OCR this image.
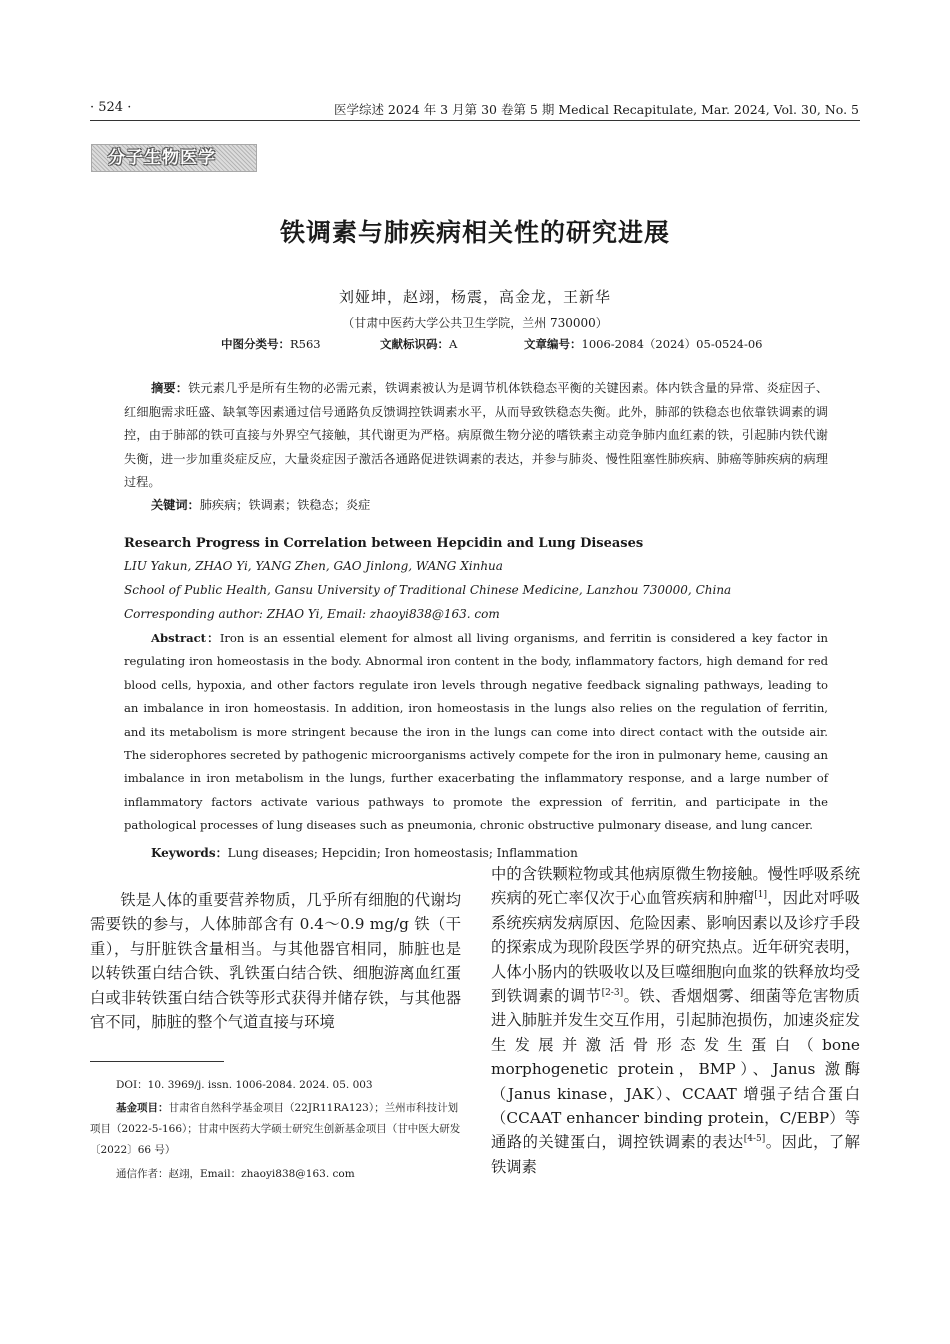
· 524 ·	医学综述 2024 年 3 月第 30 卷第 5 期 Medical Recapitulate, Mar. 2024, Vol. 30, No. 5
分子生物医学
铁调素与肺疾病相关性的研究进展
刘娅坤，赵翊，杨震，高金龙，王新华
（甘肃中医药大学公共卫生学院，兰州 730000）
中图分类号：R563	文献标识码：A	文章编号：1006-2084（2024）05-0524-06
摘要：铁元素几乎是所有生物的必需元素，铁调素被认为是调节机体铁稳态平衡的关键因素。体内铁含量的异常、炎症因子、红细胞需求旺盛、缺氧等因素通过信号通路负反馈调控铁调素水平，从而导致铁稳态失衡。此外，肺部的铁稳态也依靠铁调素的调控，由于肺部的铁可直接与外界空气接触，其代谢更为严格。病原微生物分泌的嗜铁素主动竞争肺内血红素的铁，引起肺内铁代谢失衡，进一步加重炎症反应，大量炎症因子激活各通路促进铁调素的表达，并参与肺炎、慢性阻塞性肺疾病、肺癌等肺疾病的病理过程。
关键词：肺疾病；铁调素；铁稳态；炎症
Research Progress in Correlation between Hepcidin and Lung Diseases
LIU Yakun, ZHAO Yi, YANG Zhen, GAO Jinlong, WANG Xinhua
School of Public Health, Gansu University of Traditional Chinese Medicine, Lanzhou 730000, China
Corresponding author: ZHAO Yi, Email: zhaoyi838@163. com
Abstract：Iron is an essential element for almost all living organisms, and ferritin is considered a key factor in regulating iron homeostasis in the body. Abnormal iron content in the body, inflammatory factors, high demand for red blood cells, hypoxia, and other factors regulate iron levels through negative feedback signaling pathways, leading to an imbalance in iron homeostasis. In addition, iron homeostasis in the lungs also relies on the regulation of ferritin, and its metabolism is more stringent because the iron in the lungs can come into direct contact with the outside air. The siderophores secreted by pathogenic microorganisms actively compete for the iron in pulmonary heme, causing an imbalance in iron metabolism in the lungs, further exacerbating the inflammatory response, and a large number of inflammatory factors activate various pathways to promote the expression of ferritin, and participate in the pathological processes of lung diseases such as pneumonia, chronic obstructive pulmonary disease, and lung cancer.
Keywords：Lung diseases; Hepcidin; Iron homeostasis; Inflammation
铁是人体的重要营养物质，几乎所有细胞的代谢均需要铁的参与，人体肺部含有 0.4～0.9 mg/g 铁（干重），与肝脏铁含量相当。与其他器官相同，肺脏也是以转铁蛋白结合铁、乳铁蛋白结合铁、细胞游离血红蛋白或非转铁蛋白结合铁等形式获得并储存铁，与其他器官不同，肺脏的整个气道直接与环境
中的含铁颗粒物或其他病原微生物接触。慢性呼吸系统疾病的死亡率仅次于心血管疾病和肿瘤[1]，因此对呼吸系统疾病发病原因、危险因素、影响因素以及诊疗手段的探索成为现阶段医学界的研究热点。近年研究表明，人体小肠内的铁吸收以及巨噬细胞向血浆的铁释放均受到铁调素的调节[2-3]。铁、香烟烟雾、细菌等危害物质进入肺脏并发生交互作用，引起肺泡损伤，加速炎症发生发展并激活骨形态发生蛋白（bone morphogenetic protein，BMP）、Janus 激酶（Janus kinase，JAK）、CCAAT 增强子结合蛋白（CCAAT enhancer binding protein，C/EBP）等通路的关键蛋白，调控铁调素的表达[4-5]。因此，了解铁调素
DOI：10. 3969/j. issn. 1006-2084. 2024. 05. 003
基金项目：甘肃省自然科学基金项目（22JR11RA123）；兰州市科技计划项目（2022-5-166）；甘肃中医药大学硕士研究生创新基金项目（甘中医大研发〔2022〕66 号）
通信作者：赵翊，Email：zhaoyi838@163. com
